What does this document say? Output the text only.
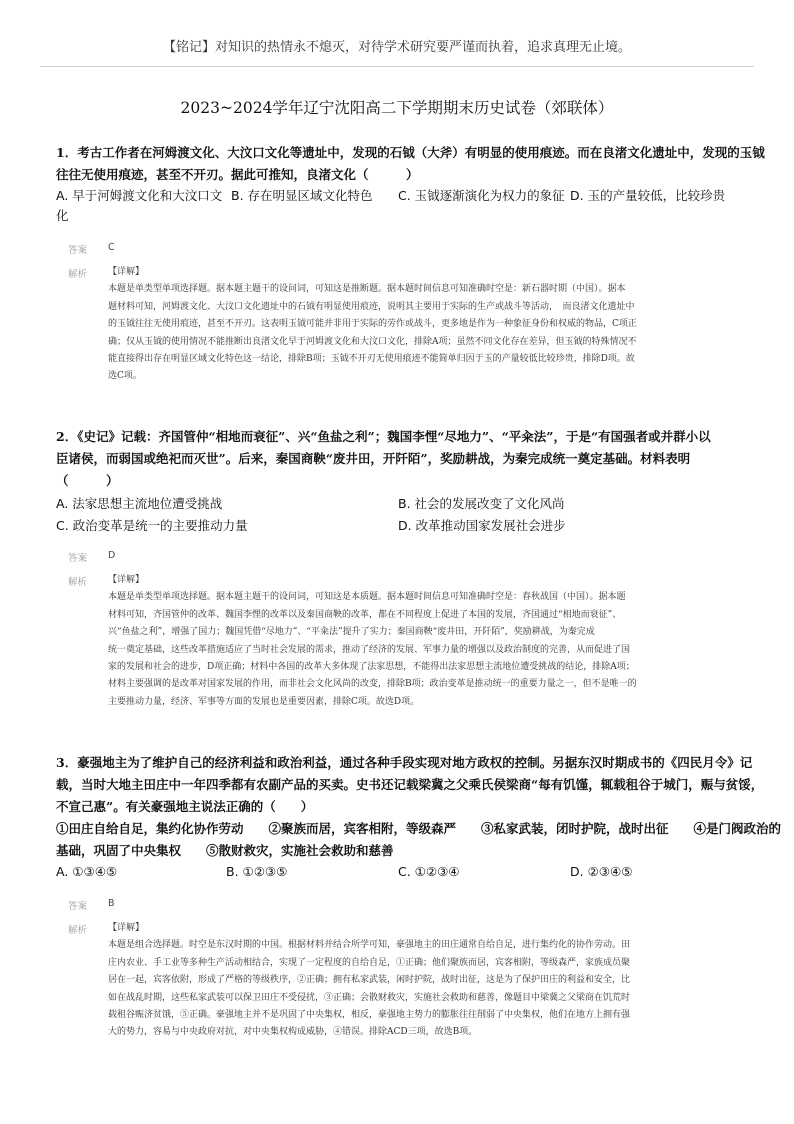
【铭记】对知识的热情永不熄灭，对待学术研究要严谨而执着，追求真理无止境。
2023~2024学年辽宁沈阳高二下学期期末历史试卷（郊联体）
1．考古工作者在河姆渡文化、大汶口文化等遗址中，发现的石钺（大斧）有明显的使用痕迹。而在良渚文化遗址中，发现的玉钺
往往无使用痕迹，甚至不开刃。据此可推知，良渚文化（　　　）
A. 早于河姆渡文化和大汶口文化
B. 存在明显区域文化特色 C. 玉钺逐渐演化为权力的象征 D. 玉的产量较低，比较珍贵
答案 C
解析 【详解】

本题是单类型单项选择题。据本题主题干的设问词，可知这是推断题。据本题时间信息可知准确时空是：新石器时期（中国）。据本

题材料可知，河姆渡文化、大汶口文化遗址中的石钺有明显使用痕迹，说明其主要用于实际的生产或战斗等活动，　而良渚文化遗址中

的玉钺往往无使用痕迹，甚至不开刃。这表明玉钺可能并非用于实际的劳作或战斗，更多地是作为一种象征身份和权威的物品，C项正

确；仅从玉钺的使用情况不能推断出良渚文化早于河姆渡文化和大汶口文化，排除A项；虽然不同文化存在差异，但玉钺的特殊情况不

能直接得出存在明显区域文化特色这一结论，排除B项；玉钺不开刃无使用痕迹不能简单归因于玉的产量较低比较珍贵，排除D项。故

选C项。

2．《史记》记载：齐国管仲“相地而衰征”、兴“鱼盐之利”；魏国李悝“尽地力”、“平籴法”，于是“有国强者或并群小以
臣诸侯，而弱国或绝祀而灭世”。后来，秦国商鞅“废井田，开阡陌”，奖励耕战，为秦完成统一奠定基础。材料表明
（　　　）
A. 法家思想主流地位遭受挑战	B. 社会的发展改变了文化风尚
C. 政治变革是统一的主要推动力量	D. 改革推动国家发展社会进步
答案 D
解析 【详解】

本题是单类型单项选择题。据本题主题干的设问词，可知这是本质题。据本题时间信息可知准确时空是：春秋战国（中国）。据本题

材料可知，齐国管仲的改革、魏国李悝的改革以及秦国商鞅的改革，都在不同程度上促进了本国的发展，齐国通过“相地而衰征”、

兴“鱼盐之利”，增强了国力；魏国凭借“尽地力”、“平籴法”提升了实力；秦国商鞅“废井田，开阡陌”，奖励耕战，为秦完成

统一奠定基础，这些改革措施适应了当时社会发展的需求，推动了经济的发展、军事力量的增强以及政治制度的完善，从而促进了国

家的发展和社会的进步，D项正确；材料中各国的改革大多体现了法家思想，不能得出法家思想主流地位遭受挑战的结论，排除A项；

材料主要强调的是改革对国家发展的作用，而非社会文化风尚的改变，排除B项；政治变革是推动统一的重要力量之一，但不是唯一的

主要推动力量，经济、军事等方面的发展也是重要因素，排除C项。故选D项。

3．豪强地主为了维护自己的经济利益和政治利益，通过各种手段实现对地方政权的控制。另据东汉时期成书的《四民月令》记
载，当时大地主田庄中一年四季都有农副产品的买卖。史书还记载梁冀之父乘氏侯梁商“每有饥馑，辄载租谷于城门，赈与贫馁，
不宣己惠”。有关豪强地主说法正确的（　　）
①田庄自给自足，集约化协作劳动　　②聚族而居，宾客相附，等级森严　　③私家武装，闭时护院，战时出征　　④是门阀政治的
基础，巩固了中央集权　　⑤散财救灾，实施社会救助和慈善
A. ①③④⑤	B. ①②③⑤	C. ①②③④	D. ②③④⑤
答案 B
解析 【详解】

本题是组合选择题。时空是东汉时期的中国。根据材料并结合所学可知，豪强地主的田庄通常自给自足，进行集约化的协作劳动。田

庄内农业、手工业等多种生产活动相结合，实现了一定程度的自给自足，①正确；他们聚族而居，宾客相附，等级森严，家族成员聚

居在一起，宾客依附，形成了严格的等级秩序，②正确；拥有私家武装，闲时护院，战时出征，这是为了保护田庄的利益和安全，比

如在战乱时期，这些私家武装可以保卫田庄不受侵扰，③正确；会散财救灾，实施社会救助和慈善，像题目中梁冀之父梁商在饥荒时

载租谷赈济贫饿，⑤正确。豪强地主并不是巩固了中央集权，相反，豪强地主势力的膨胀往往削弱了中央集权，他们在地方上拥有强

大的势力，容易与中央政府对抗，对中央集权构成威胁，④错误。排除ACD三项，故选B项。
